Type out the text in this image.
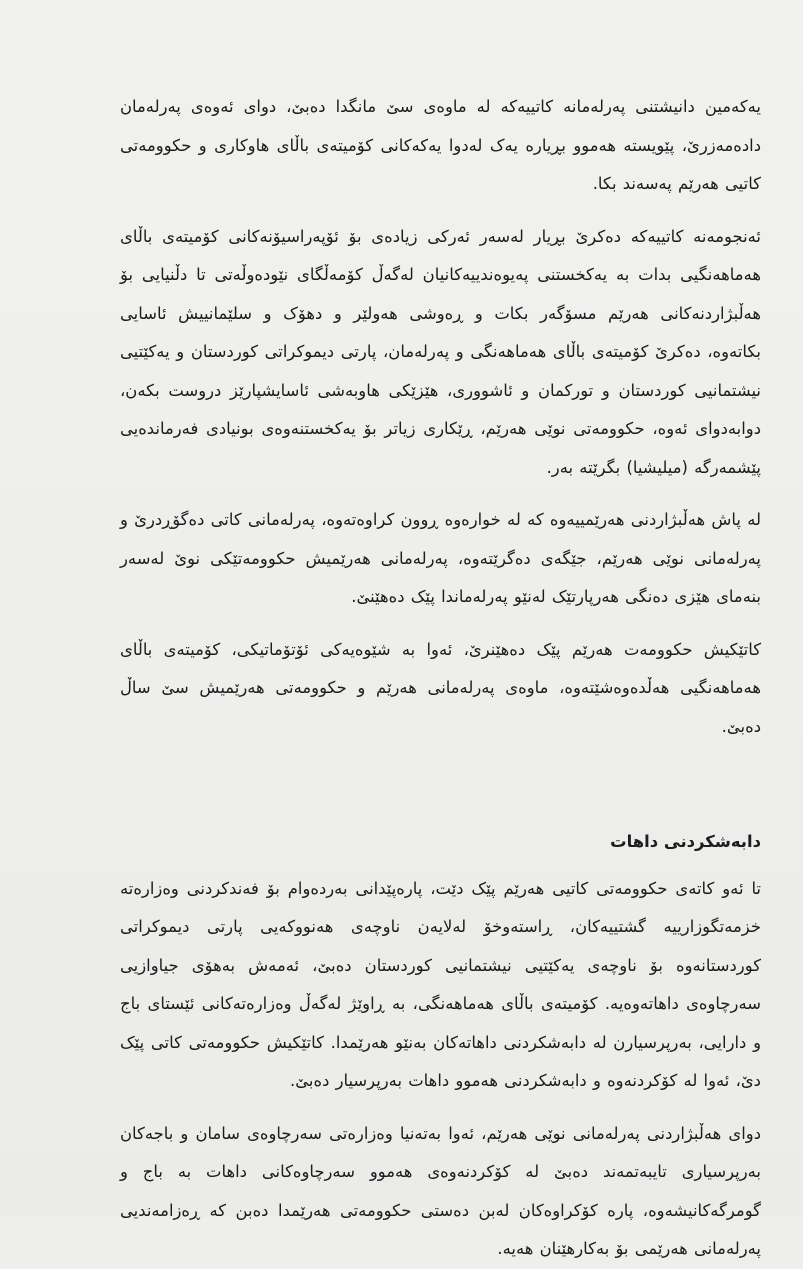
یەکەمین دانیشتنی پەرلەمانە کاتییەکە لە ماوەی سێ مانگدا دەبێ، دوای ئەوەی پەرلەمان دادەمەزرێ، پێویستە هەموو بڕیارە یەک لەدوا یەکەکانی کۆمیتەی باڵای هاوکاری و حکوومەتی کاتیی هەرێم پەسەند بکا.

ئەنجومەنە کاتییەکە دەکرێ بڕیار لەسەر ئەرکی زیادەی بۆ ئۆپەراسیۆنەکانی کۆمیتەی باڵای هەماهەنگیی بدات بە یەکخستنی پەیوەندییەکانیان لەگەڵ کۆمەڵگای نێودەوڵەتی تا دڵنیایی بۆ هەڵبژاردنەکانی هەرێم مسۆگەر بکات و ڕەوشی هەولێر و دهۆک و سلێمانییش ئاسایی بکاتەوە، دەکرێ کۆمیتەی باڵای هەماهەنگی و پەرلەمان، پارتی دیموکراتی کوردستان و یەکێتیی نیشتمانیی کوردستان و تورکمان و ئاشووری، هێزێکی هاوبەشی ئاسایشپارێز دروست بکەن، دوابەدوای ئەوە، حکوومەتی نوێی هەرێم، ڕێکاری زیاتر بۆ یەکخستنەوەی بونیادی فەرماندەیی پێشمەرگە (میلیشیا) بگرێتە بەر.

لە پاش هەڵبژاردنی هەرێمییەوە کە لە خوارەوە ڕوون کراوەتەوە، پەرلەمانی کاتی دەگۆڕدرێ و پەرلەمانی نوێی هەرێم، جێگەی دەگرێتەوە، پەرلەمانی هەرێمیش حکوومەتێکی نوێ لەسەر بنەمای هێزی دەنگی هەرپارتێک لەنێو پەرلەماندا پێک دەهێنێ.

کاتێکیش حکوومەت هەرێم پێک دەهێنرێ، ئەوا بە شێوەیەکی ئۆتۆماتیکی، کۆمیتەی باڵای هەماهەنگیی هەڵدەوەشێتەوە، ماوەی پەرلەمانی هەرێم و حکوومەتی هەرێمیش سێ ساڵ دەبێ.

دابەشکردنی داهات

تا ئەو کاتەی حکوومەتی کاتیی هەرێم پێک دێت، پارەپێدانی بەردەوام بۆ فەندکردنی وەزارەتە خزمەتگوزارییە گشتییەکان، ڕاستەوخۆ لەلایەن ناوچەی هەنووکەیی پارتی دیموکراتی کوردستانەوە بۆ ناوچەی یەکێتیی نیشتمانیی کوردستان دەبێ، ئەمەش بەهۆی جیاوازیی سەرچاوەی داهاتەوەیە. کۆمیتەی باڵای هەماهەنگی، بە ڕاوێژ لەگەڵ وەزارەتەکانی ئێستای باج و دارایی، بەرپرسیارن لە دابەشکردنی داهاتەکان بەنێو هەرێمدا. کاتێکیش حکوومەتی کاتی پێک دێ، ئەوا لە کۆکردنەوە و دابەشکردنی هەموو داهات بەرپرسیار دەبێ.

دوای هەڵبژاردنی پەرلەمانی نوێی هەرێم، ئەوا بەتەنیا وەزارەتی سەرچاوەی سامان و باجەکان بەرپرسیاری تایبەتمەند دەبێ لە کۆکردنەوەی هەموو سەرچاوەکانی داهات بە باج و گومرگەکانیشەوە، پارە کۆکراوەکان لەبن دەستی حکوومەتی هەرێمدا دەبن کە ڕەزامەندیی پەرلەمانی هەرێمی بۆ بەکارهێنان هەیە.
